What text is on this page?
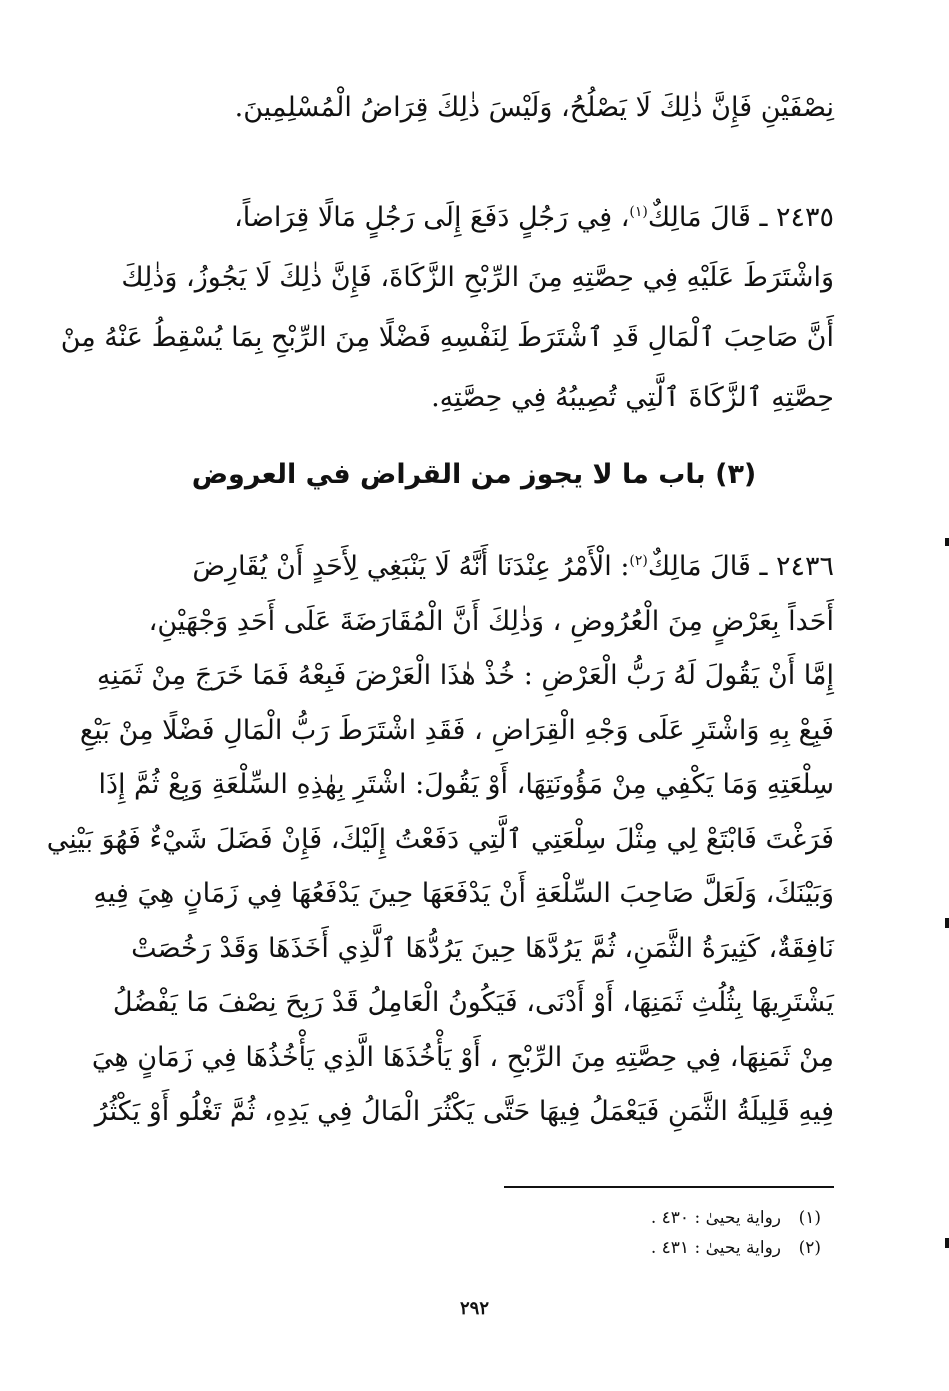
نِصْفَيْنِ فَإِنَّ ذٰلِكَ لَا يَصْلُحُ، وَلَيْسَ ذٰلِكَ قِرَاضُ الْمُسْلِمِينَ.
٢٤٣٥ ـ قَالَ مَالِكٌ$^{(١)}$، فِي رَجُلٍ دَفَعَ إِلَى رَجُلٍ مَالًا قِرَاضاً،
وَاشْتَرَطَ عَلَيْهِ فِي حِصَّتِهِ مِنَ الرِّبْحِ الزَّكَاةَ، فَإِنَّ ذٰلِكَ لَا يَجُوزُ، وَذٰلِكَ
أَنَّ صَاحِبَ ٱلْمَالِ قَدِ ٱشْتَرَطَ لِنَفْسِهِ فَضْلًا مِنَ الرِّبْحِ بِمَا يُسْقِطُ عَنْهُ مِنْ
حِصَّتِهِ ٱلزَّكَاةَ ٱلَّتِي تُصِيبُهُ فِي حِصَّتِهِ.
(٣) باب ما لا يجوز من القراض في العروض
٢٤٣٦ ـ قَالَ مَالِكٌ$^{(٢)}$: الْأَمْرُ عِنْدَنَا أَنَّهُ لَا يَنْبَغِي لِأَحَدٍ أَنْ يُقَارِضَ
أَحَداً بِعَرْضٍ مِنَ الْعُرُوضِ ، وَذٰلِكَ أَنَّ الْمُقَارَضَةَ عَلَى أَحَدِ وَجْهَيْنِ،
إِمَّا أَنْ يَقُولَ لَهُ رَبُّ الْعَرْضِ : خُذْ هٰذَا الْعَرْضَ فَبِعْهُ فَمَا خَرَجَ مِنْ ثَمَنِهِ
فَبِعْ بِهِ وَاشْتَرِ عَلَى وَجْهِ الْقِرَاضِ ، فَقَدِ اشْتَرَطَ رَبُّ الْمَالِ فَضْلًا مِنْ بَيْعِ
سِلْعَتِهِ وَمَا يَكْفِي مِنْ مَؤُونَتِهَا، أَوْ يَقُولَ: اشْتَرِ بِهٰذِهِ السِّلْعَةِ وَبِعْ ثُمَّ إِذَا
فَرَغْتَ فَابْتَعْ لِي مِثْلَ سِلْعَتِي ٱلَّتِي دَفَعْتُ إِلَيْكَ، فَإِنْ فَضَلَ شَيْءٌ فَهُوَ بَيْنِي
وَبَيْنَكَ، وَلَعَلَّ صَاحِبَ السِّلْعَةِ أَنْ يَدْفَعَهَا حِينَ يَدْفَعُهَا فِي زَمَانٍ هِيَ فِيهِ
نَافِقَةٌ، كَثِيرَةُ الثَّمَنِ، ثُمَّ يَرُدَّهَا حِينَ يَرُدُّهَا ٱلَّذِي أَخَذَهَا وَقَدْ رَخُصَتْ
يَشْتَرِيهَا بِثُلُثِ ثَمَنِهَا، أَوْ أَدْنَى، فَيَكُونُ الْعَامِلُ قَدْ رَبِحَ نِصْفَ مَا يَفْضُلُ
مِنْ ثَمَنِهَا، فِي حِصَّتِهِ مِنَ الرِّبْحِ ، أَوْ يَأْخُذَهَا الَّذِي يَأْخُذُهَا فِي زَمَانٍ هِيَ
فِيهِ قَلِيلَةُ الثَّمَنِ فَيَعْمَلُ فِيهَا حَتَّى يَكْثُرَ الْمَالُ فِي يَدِهِ، ثُمَّ تَغْلُو أَوْ يَكْثُرُ
(١)رواية يحيىٰ : ٤٣٠ .
(٢)رواية يحيىٰ : ٤٣١ .
٢٩٢
